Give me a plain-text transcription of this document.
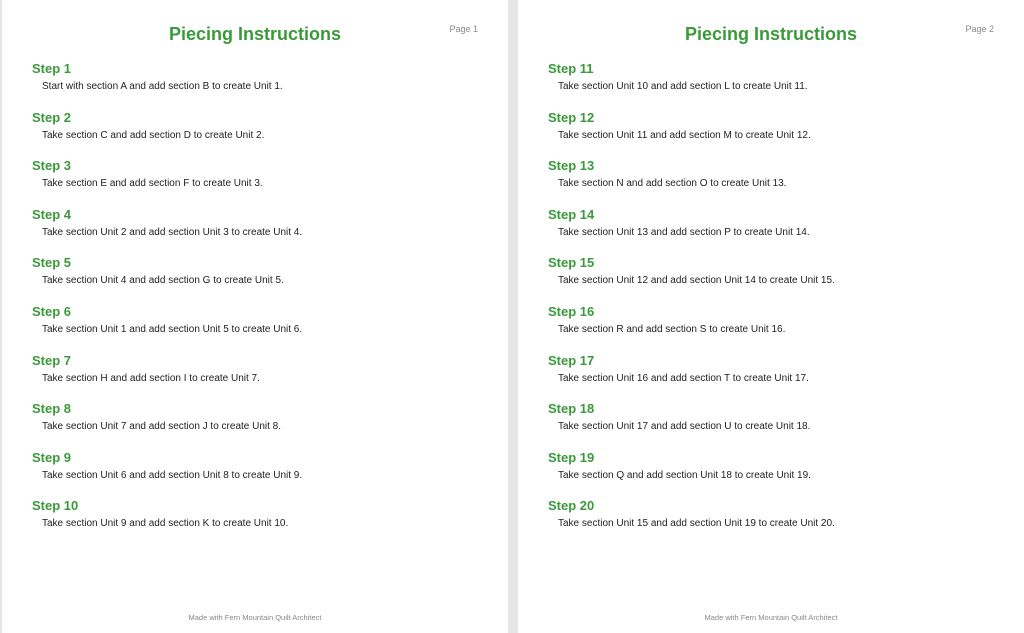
Page 1
Piecing Instructions
Step 1
Start with section A and add section B to create Unit 1.
Step 2
Take section C and add section D to create Unit 2.
Step 3
Take section E and add section F to create Unit 3.
Step 4
Take section Unit 2 and add section Unit 3 to create Unit 4.
Step 5
Take section Unit 4 and add section G to create Unit 5.
Step 6
Take section Unit 1 and add section Unit 5 to create Unit 6.
Step 7
Take section H and add section I to create Unit 7.
Step 8
Take section Unit 7 and add section J to create Unit 8.
Step 9
Take section Unit 6 and add section Unit 8 to create Unit 9.
Step 10
Take section Unit 9 and add section K to create Unit 10.
Made with Fern Mountain Quilt Architect
Page 2
Piecing Instructions
Step 11
Take section Unit 10 and add section L to create Unit 11.
Step 12
Take section Unit 11 and add section M to create Unit 12.
Step 13
Take section N and add section O to create Unit 13.
Step 14
Take section Unit 13 and add section P to create Unit 14.
Step 15
Take section Unit 12 and add section Unit 14 to create Unit 15.
Step 16
Take section R and add section S to create Unit 16.
Step 17
Take section Unit 16 and add section T to create Unit 17.
Step 18
Take section Unit 17 and add section U to create Unit 18.
Step 19
Take section Q and add section Unit 18 to create Unit 19.
Step 20
Take section Unit 15 and add section Unit 19 to create Unit 20.
Made with Fern Mountain Quilt Architect
